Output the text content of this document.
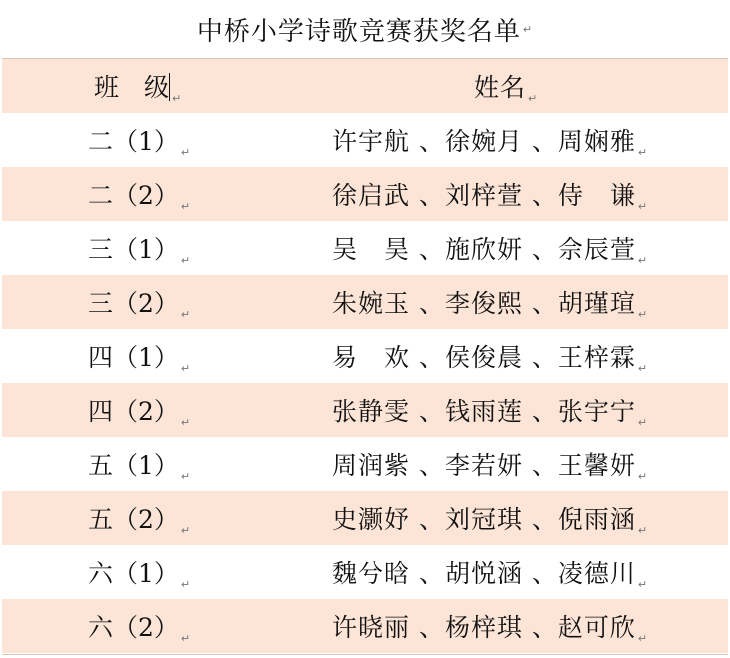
中桥小学诗歌竞赛获奖名单 ↵
班　级 $_↵$	姓名 $_↵$
二（1） $_↵$	许宇航 、徐婉月 、周娴雅 $_↵$
二（2） $_↵$	徐启武 、刘梓萱 、侍　谦 $_↵$
三（1） $_↵$	吴　昊 、施欣妍 、佘辰萱 $_↵$
三（2） $_↵$	朱婉玉 、李俊熙 、胡瑾瑄 $_↵$
四（1） $_↵$	易　欢 、侯俊晨 、王梓霖 $_↵$
四（2） $_↵$	张静雯 、钱雨莲 、张宇宁 $_↵$
五（1） $_↵$	周润紫 、李若妍 、王馨妍 $_↵$
五（2） $_↵$	史灏妤 、刘冠琪 、倪雨涵 $_↵$
六（1） $_↵$	魏兮晗 、胡悦涵 、凌德川 $_↵$
六（2） $_↵$	许晓丽 、杨梓琪 、赵可欣 $_↵$
